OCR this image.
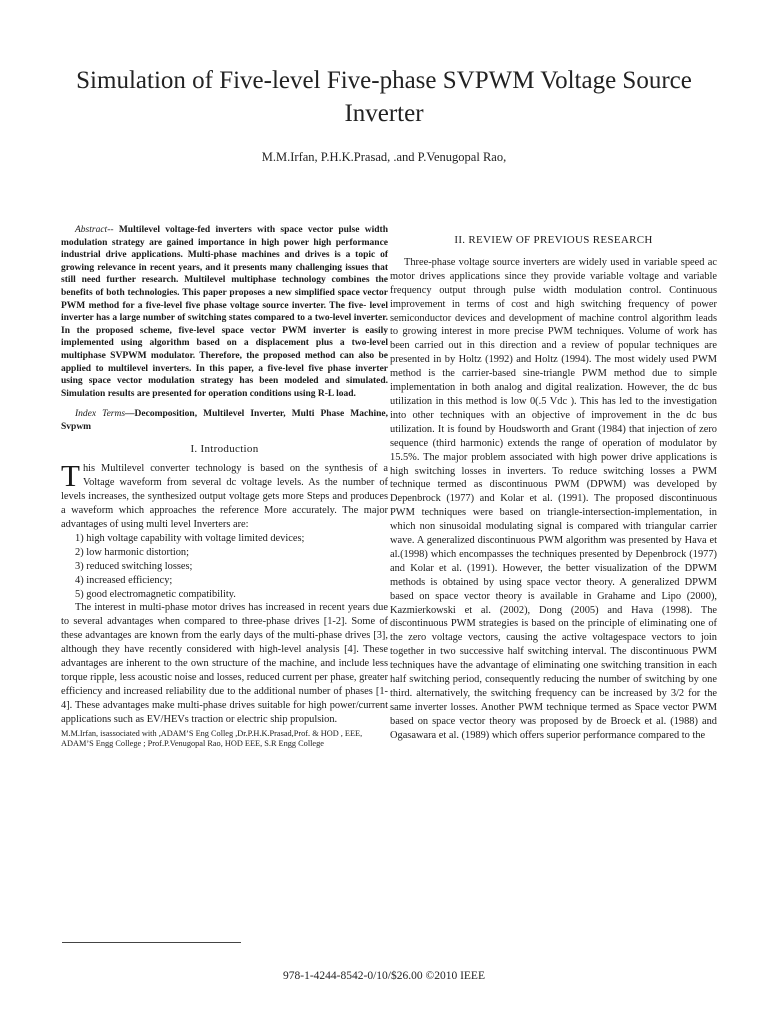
Simulation of Five-level Five-phase SVPWM Voltage Source Inverter
M.M.Irfan, P.H.K.Prasad, .and P.Venugopal Rao,

Abstract-- Multilevel voltage-fed inverters with space vector pulse width modulation strategy are gained importance in high power high performance industrial drive applications. Multi-phase machines and drives is a topic of growing relevance in recent years, and it presents many challenging issues that still need further research. Multilevel multiphase technology combines the benefits of both technologies. This paper proposes a new simplified space vector PWM method for a five-level five phase voltage source inverter. The five- level inverter has a large number of switching states compared to a two-level inverter. In the proposed scheme, five-level space vector PWM inverter is easily implemented using algorithm based on a displacement plus a two-level multiphase SVPWM modulator. Therefore, the proposed method can also be applied to multilevel inverters. In this paper, a five-level five phase inverter using space vector modulation strategy has been modeled and simulated. Simulation results are presented for operation conditions using R-L load.

Index Terms—Decomposition, Multilevel Inverter, Multi Phase Machine, Svpwm

I. Introduction

This Multilevel converter technology is based on the synthesis of a Voltage waveform from several dc voltage levels. As the number of levels increases, the synthesized output voltage gets more Steps and produces a waveform which approaches the reference More accurately. The major advantages of using multi level Inverters are:

1) high voltage capability with voltage limited devices;
2) low harmonic distortion;
3) reduced switching losses;
4) increased efficiency;
5) good electromagnetic compatibility.

The interest in multi-phase motor drives has increased in recent years due to several advantages when compared to three-phase drives [1-2]. Some of these advantages are known from the early days of the multi-phase drives [3], although they have recently considered with high-level analysis [4]. These advantages are inherent to the own structure of the machine, and include less torque ripple, less acoustic noise and losses, reduced current per phase, greater efficiency and increased reliability due to the additional number of phases [1-4]. These advantages make multi-phase drives suitable for high power/current applications such as EV/HEVs traction or electric ship propulsion.

M.M.Irfan, isassociated with ,ADAM’S Eng Colleg ,Dr.P.H.K.Prasad,Prof. & HOD , EEE, ADAM’S Engg College ; Prof.P.Venugopal Rao, HOD EEE, S.R Engg College

II. REVIEW OF PREVIOUS RESEARCH

Three-phase voltage source inverters are widely used in variable speed ac motor drives applications since they provide variable voltage and variable frequency output through pulse width modulation control. Continuous improvement in terms of cost and high switching frequency of power semiconductor devices and development of machine control algorithm leads to growing interest in more precise PWM techniques. Volume of work has been carried out in this direction and a review of popular techniques are presented in by Holtz (1992) and Holtz (1994). The most widely used PWM method is the carrier-based sine-triangle PWM method due to simple implementation in both analog and digital realization. However, the dc bus utilization in this method is low 0(.5 Vdc ). This has led to the investigation into other techniques with an objective of improvement in the dc bus utilization. It is found by Houdsworth and Grant (1984) that injection of zero sequence (third harmonic) extends the range of operation of modulator by 15.5%. The major problem associated with high power drive applications is high switching losses in inverters. To reduce switching losses a PWM technique termed as discontinuous PWM (DPWM) was developed by Depenbrock (1977) and Kolar et al. (1991). The proposed discontinuous PWM techniques were based on triangle-intersection-implementation, in which non sinusoidal modulating signal is compared with triangular carrier wave. A generalized discontinuous PWM algorithm was presented by Hava et al.(1998) which encompasses the techniques presented by Depenbrock (1977) and Kolar et al. (1991). However, the better visualization of the DPWM methods is obtained by using space vector theory. A generalized DPWM based on space vector theory is available in Grahame and Lipo (2000), Kazmierkowski et al. (2002), Dong (2005) and Hava (1998). The discontinuous PWM strategies is based on the principle of eliminating one of the zero voltage vectors, causing the active voltagespace vectors to join together in two successive half switching interval. The discontinuous PWM techniques have the advantage of eliminating one switching transition in each half switching period, consequently reducing the number of switching by one third. alternatively, the switching frequency can be increased by 3/2 for the same inverter losses. Another PWM technique termed as Space vector PWM based on space vector theory was proposed by de Broeck et al. (1988) and Ogasawara et al. (1989) which offers superior performance compared to the

978-1-4244-8542-0/10/$26.00 ©2010 IEEE
